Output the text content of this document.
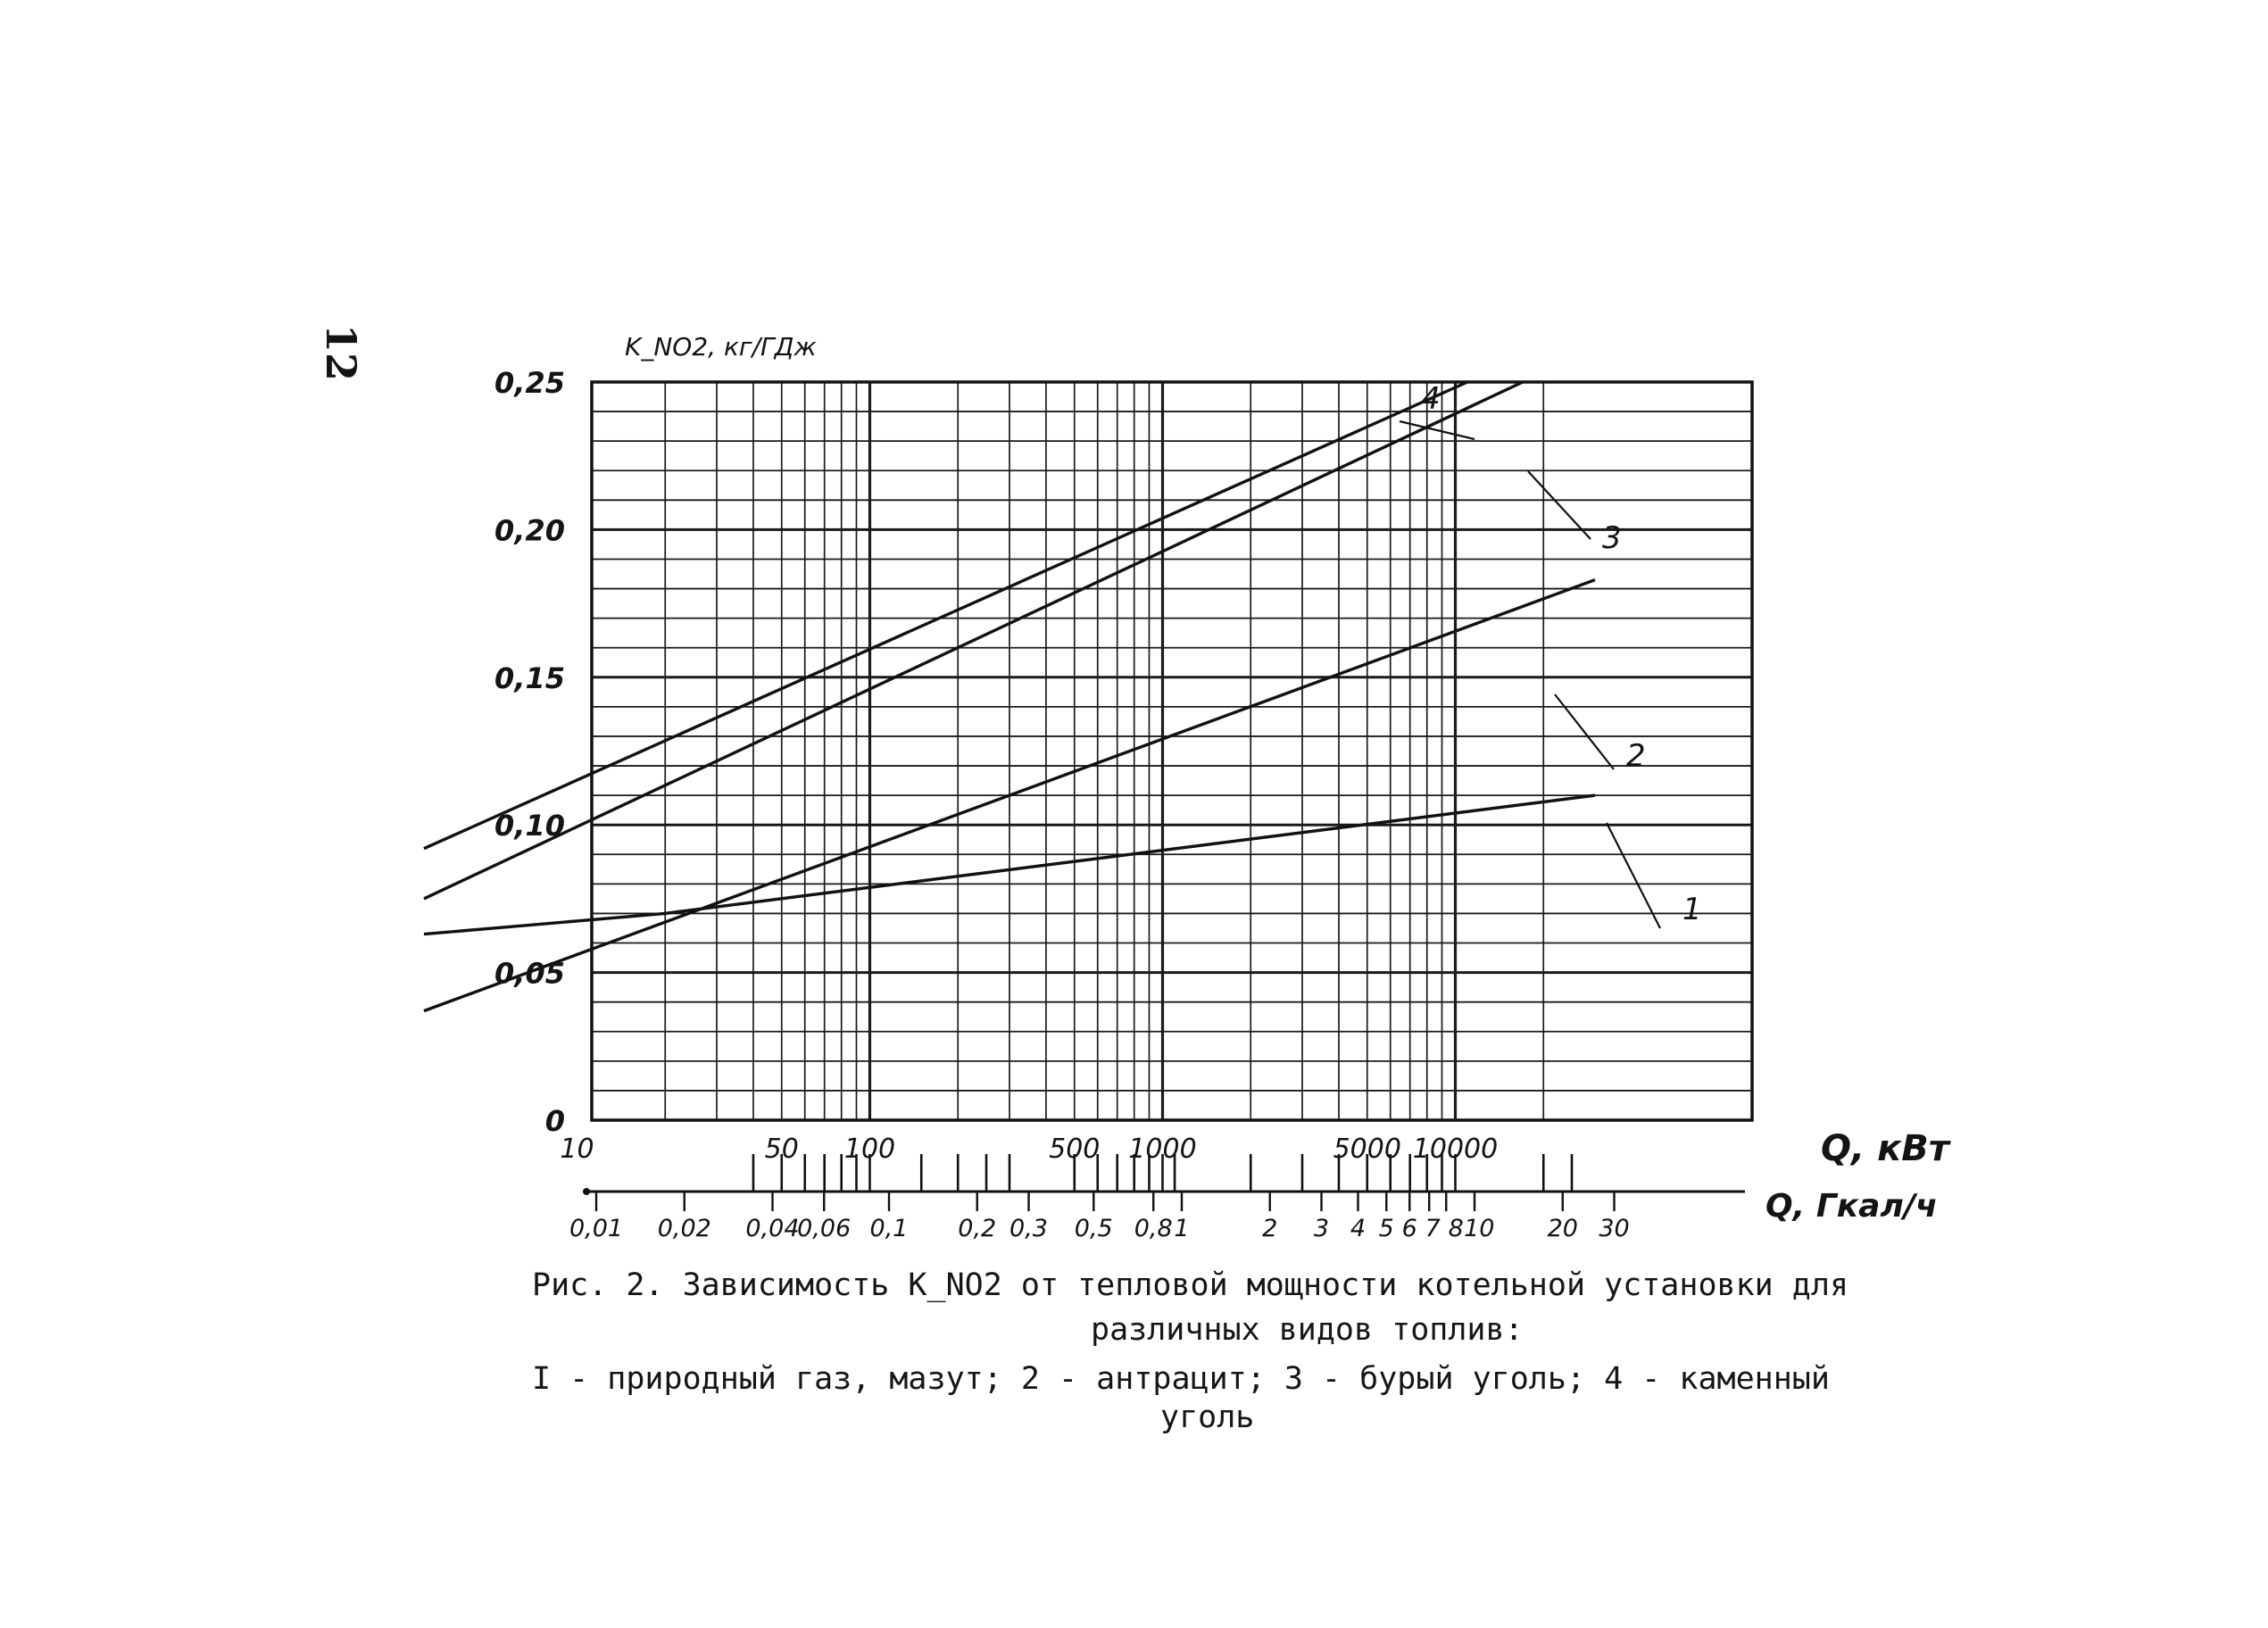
12
0
0,05
0,10
0,15
0,20
0,25
K_NO2, кг/ГДж
10	50 100	500 1000	5000 10000	Q, кВт
0,01 0,02 0,04
0,06 0,1 0,2 0,3 0,5 0,8 1	2 3 4 5 6 7 8 10 20 30
Q, Гкал/ч
1
2
3
4
Рис. 2. Зависимость K_NO2 от тепловой мощности котельной установки для
различных видов топлив:
I - природный газ, мазут; 2 - антрацит; 3 - бурый уголь; 4 - каменный
уголь
